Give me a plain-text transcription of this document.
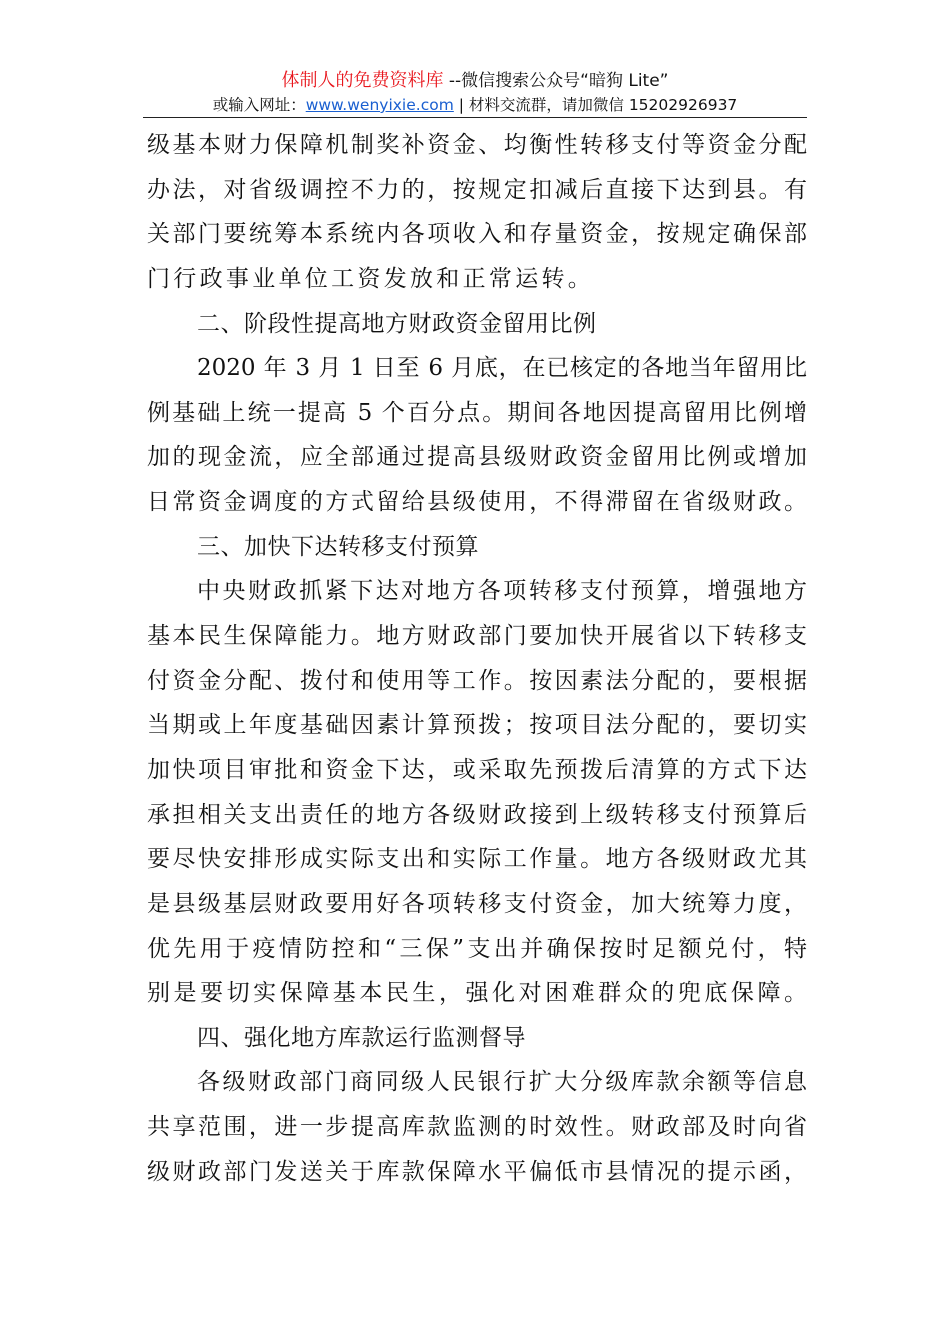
体制人的免费资料库 --微信搜索公众号“暗狗 Lite”
或输入网址：www.wenyixie.com | 材料交流群，请加微信 15202926937
级基本财力保障机制奖补资金、均衡性转移支付等资金分配
办法，对省级调控不力的，按规定扣减后直接下达到县。有
关部门要统筹本系统内各项收入和存量资金，按规定确保部
门行政事业单位工资发放和正常运转。
二、阶段性提高地方财政资金留用比例
2020 年 3 月 1 日至 6 月底，在已核定的各地当年留用比
例基础上统一提高 5 个百分点。期间各地因提高留用比例增
加的现金流，应全部通过提高县级财政资金留用比例或增加
日常资金调度的方式留给县级使用，不得滞留在省级财政。
三、加快下达转移支付预算
中央财政抓紧下达对地方各项转移支付预算，增强地方
基本民生保障能力。地方财政部门要加快开展省以下转移支
付资金分配、拨付和使用等工作。按因素法分配的，要根据
当期或上年度基础因素计算预拨；按项目法分配的，要切实
加快项目审批和资金下达，或采取先预拨后清算的方式下达
承担相关支出责任的地方各级财政接到上级转移支付预算后
要尽快安排形成实际支出和实际工作量。地方各级财政尤其
是县级基层财政要用好各项转移支付资金，加大统筹力度，
优先用于疫情防控和“三保”支出并确保按时足额兑付，特
别是要切实保障基本民生，强化对困难群众的兜底保障。
四、强化地方库款运行监测督导
各级财政部门商同级人民银行扩大分级库款余额等信息
共享范围，进一步提高库款监测的时效性。财政部及时向省
级财政部门发送关于库款保障水平偏低市县情况的提示函，
